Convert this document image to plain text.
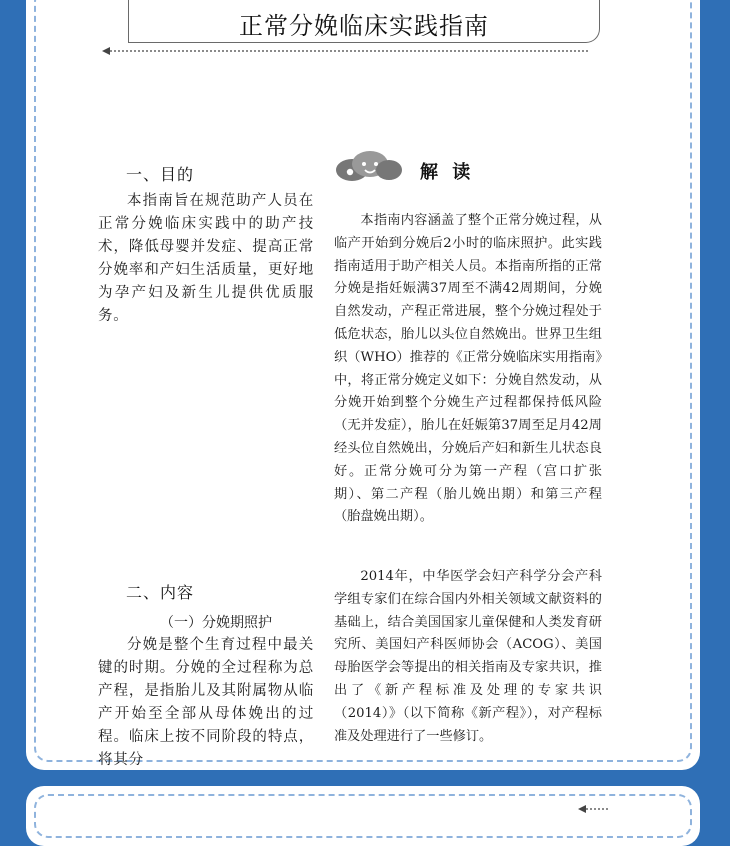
正常分娩临床实践指南
一、目的

本指南旨在规范助产人员在正常分娩临床实践中的助产技术，降低母婴并发症、提高正常分娩率和产妇生活质量，更好地为孕产妇及新生儿提供优质服务。

二、内容
（一）分娩期照护

分娩是整个生育过程中最关键的时期。分娩的全过程称为总产程，是指胎儿及其附属物从临产开始至全部从母体娩出的过程。临床上按不同阶段的特点，将其分

解 读

本指南内容涵盖了整个正常分娩过程，从临产开始到分娩后2小时的临床照护。此实践指南适用于助产相关人员。本指南所指的正常分娩是指妊娠满37周至不满42周期间，分娩自然发动，产程正常进展，整个分娩过程处于低危状态，胎儿以头位自然娩出。世界卫生组织（WHO）推荐的《正常分娩临床实用指南》中，将正常分娩定义如下：分娩自然发动，从分娩开始到整个分娩生产过程都保持低风险（无并发症），胎儿在妊娠第37周至足月42周经头位自然娩出，分娩后产妇和新生儿状态良好。正常分娩可分为第一产程（宫口扩张期）、第二产程（胎儿娩出期）和第三产程（胎盘娩出期）。

2014年，中华医学会妇产科学分会产科学组专家们在综合国内外相关领域文献资料的基础上，结合美国国家儿童保健和人类发育研究所、美国妇产科医师协会（ACOG）、美国母胎医学会等提出的相关指南及专家共识，推出了《新产程标准及处理的专家共识（2014）》（以下简称《新产程》），对产程标准及处理进行了一些修订。
